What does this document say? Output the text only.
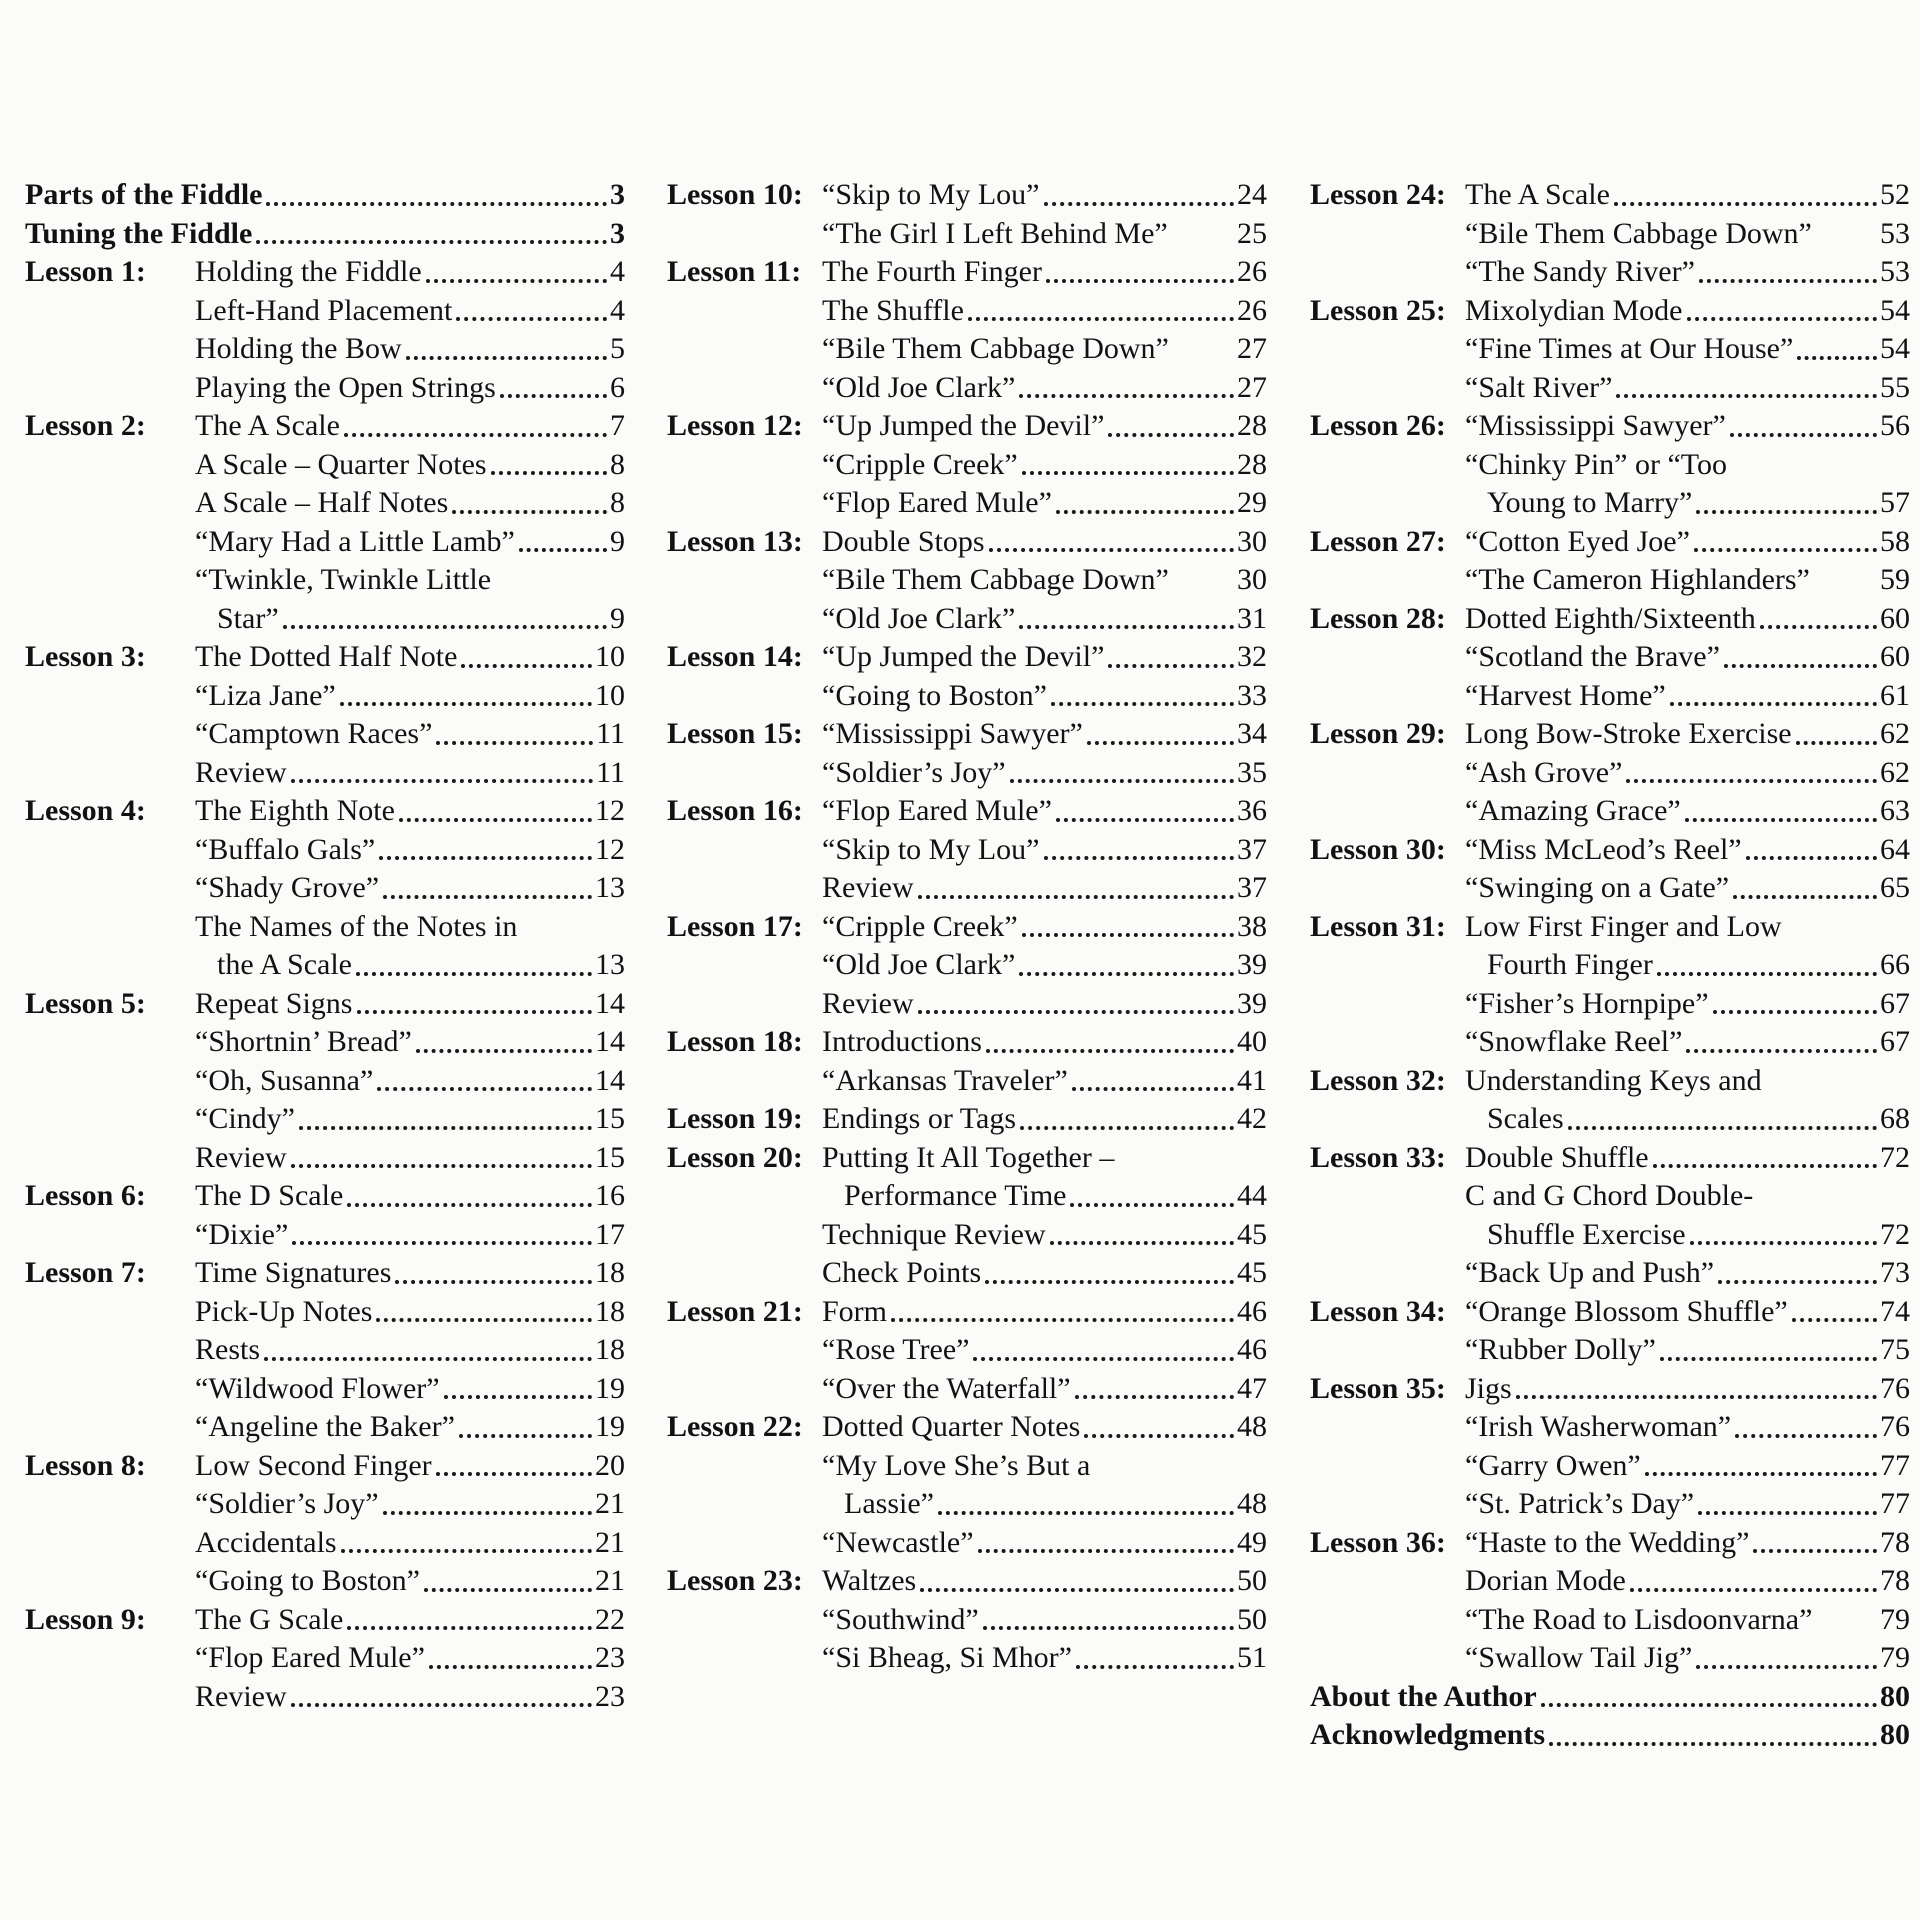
Parts of the Fiddle	3
Tuning the Fiddle	3
Lesson 1:	Holding the Fiddle	4
Left-Hand Placement	4
Holding the Bow	5
Playing the Open Strings	6
Lesson 2:	The A Scale	7
A Scale – Quarter Notes	8
A Scale – Half Notes	8
“Mary Had a Little Lamb”	9
“Twinkle, Twinkle Little
Star”	9
Lesson 3:	The Dotted Half Note	10
“Liza Jane”	10
“Camptown Races”	11
Review	11
Lesson 4:	The Eighth Note	12
“Buffalo Gals”	12
“Shady Grove”	13
The Names of the Notes in
the A Scale	13
Lesson 5:	Repeat Signs	14
“Shortnin’ Bread”	14
“Oh, Susanna”	14
“Cindy”	15
Review	15
Lesson 6:	The D Scale	16
“Dixie”	17
Lesson 7:	Time Signatures	18
Pick-Up Notes	18
Rests	18
“Wildwood Flower”	19
“Angeline the Baker”	19
Lesson 8:	Low Second Finger	20
“Soldier’s Joy”	21
Accidentals	21
“Going to Boston”	21
Lesson 9:	The G Scale	22
“Flop Eared Mule”	23
Review	23
Lesson 10: “Skip to My Lou”	24
“The Girl I Left Behind Me” 25
Lesson 11: The Fourth Finger	26
The Shuffle	26
“Bile Them Cabbage Down” 27
“Old Joe Clark”	27
Lesson 12: “Up Jumped the Devil”	28
“Cripple Creek”	28
“Flop Eared Mule”	29
Lesson 13: Double Stops	30
“Bile Them Cabbage Down” 30
“Old Joe Clark”	31
Lesson 14: “Up Jumped the Devil”	32
“Going to Boston”	33
Lesson 15: “Mississippi Sawyer”	34
“Soldier’s Joy”	35
Lesson 16: “Flop Eared Mule”	36
“Skip to My Lou”	37
Review	37
Lesson 17: “Cripple Creek”	38
“Old Joe Clark”	39
Review	39
Lesson 18: Introductions	40
“Arkansas Traveler”	41
Lesson 19: Endings or Tags	42
Lesson 20: Putting It All Together –
Performance Time	44
Technique Review	45
Check Points	45
Lesson 21: Form	46
“Rose Tree”	46
“Over the Waterfall”	47
Lesson 22: Dotted Quarter Notes	48
“My Love She’s But a
Lassie”	48
“Newcastle”	49
Lesson 23: Waltzes	50
“Southwind”	50
“Si Bheag, Si Mhor”	51
Lesson 24: The A Scale	52
“Bile Them Cabbage Down” 53
“The Sandy River”	53
Lesson 25: Mixolydian Mode	54
“Fine Times at Our House”	54
“Salt River”	55
Lesson 26: “Mississippi Sawyer”	56
“Chinky Pin” or “Too
Young to Marry”	57
Lesson 27: “Cotton Eyed Joe”	58
“The Cameron Highlanders” 59
Lesson 28: Dotted Eighth/Sixteenth	60
“Scotland the Brave”	60
“Harvest Home”	61
Lesson 29: Long Bow-Stroke Exercise	62
“Ash Grove”	62
“Amazing Grace”	63
Lesson 30: “Miss McLeod’s Reel”	64
“Swinging on a Gate”	65
Lesson 31: Low First Finger and Low
Fourth Finger	66
“Fisher’s Hornpipe”	67
“Snowflake Reel”	67
Lesson 32: Understanding Keys and
Scales	68
Lesson 33: Double Shuffle	72
C and G Chord Double-
Shuffle Exercise	72
“Back Up and Push”	73
Lesson 34: “Orange Blossom Shuffle”	74
“Rubber Dolly”	75
Lesson 35: Jigs	76
“Irish Washerwoman”	76
“Garry Owen”	77
“St. Patrick’s Day”	77
Lesson 36: “Haste to the Wedding”	78
Dorian Mode	78
“The Road to Lisdoonvarna” 79
“Swallow Tail Jig”	79
About the Author	80
Acknowledgments	80
